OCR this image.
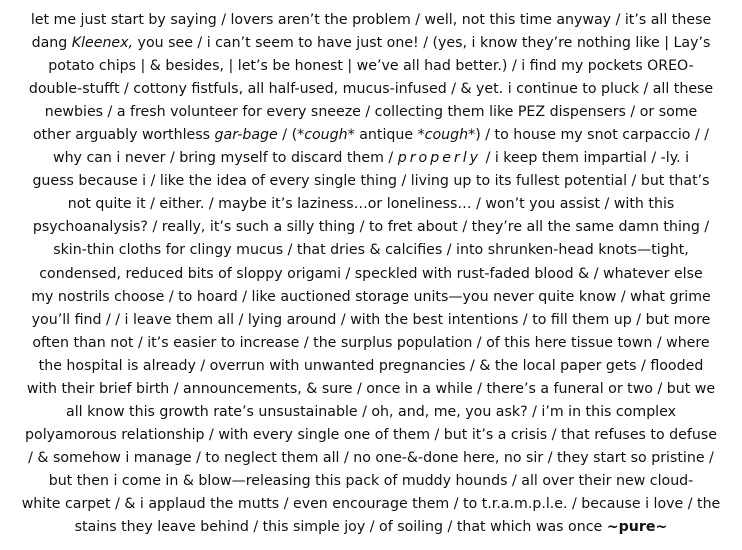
let me just start by saying / lovers aren’t the problem / well, not this time anyway / it’s all these
dang Kleenex, you see / i can’t seem to have just one! / (yes, i know they’re nothing like | Lay’s
potato chips | & besides, | let’s be honest | we’ve all had better.) / i find my pockets OREO-
double-stufft / cottony fistfuls, all half-used, mucus-infused / & yet. i continue to pluck / all these
newbies / a fresh volunteer for every sneeze / collecting them like PEZ dispensers / or some
other arguably worthless gar-bage / (*cough* antique *cough*) / to house my snot carpaccio / /
why can i never / bring myself to discard them / properly / i keep them impartial / -ly. i
guess because i / like the idea of every single thing / living up to its fullest potential / but that’s
not quite it / either. / maybe it’s laziness…or loneliness… / won’t you assist / with this
psychoanalysis? / really, it’s such a silly thing / to fret about / they’re all the same damn thing /
skin-thin cloths for clingy mucus / that dries & calcifies / into shrunken-head knots—tight,
condensed, reduced bits of sloppy origami / speckled with rust-faded blood & / whatever else
my nostrils choose / to hoard / like auctioned storage units—you never quite know / what grime
you’ll find / / i leave them all / lying around / with the best intentions / to fill them up / but more
often than not / it’s easier to increase / the surplus population / of this here tissue town / where
the hospital is already / overrun with unwanted pregnancies / & the local paper gets / flooded
with their brief birth / announcements, & sure / once in a while / there’s a funeral or two / but we
all know this growth rate’s unsustainable / oh, and, me, you ask? / i’m in this complex
polyamorous relationship / with every single one of them / but it’s a crisis / that refuses to defuse
/ & somehow i manage / to neglect them all / no one-&-done here, no sir / they start so pristine /
but then i come in & blow—releasing this pack of muddy hounds / all over their new cloud-
white carpet / & i applaud the mutts / even encourage them / to t.r.a.m.p.l.e. / because i love / the
stains they leave behind / this simple joy / of soiling / that which was once ~pure~
